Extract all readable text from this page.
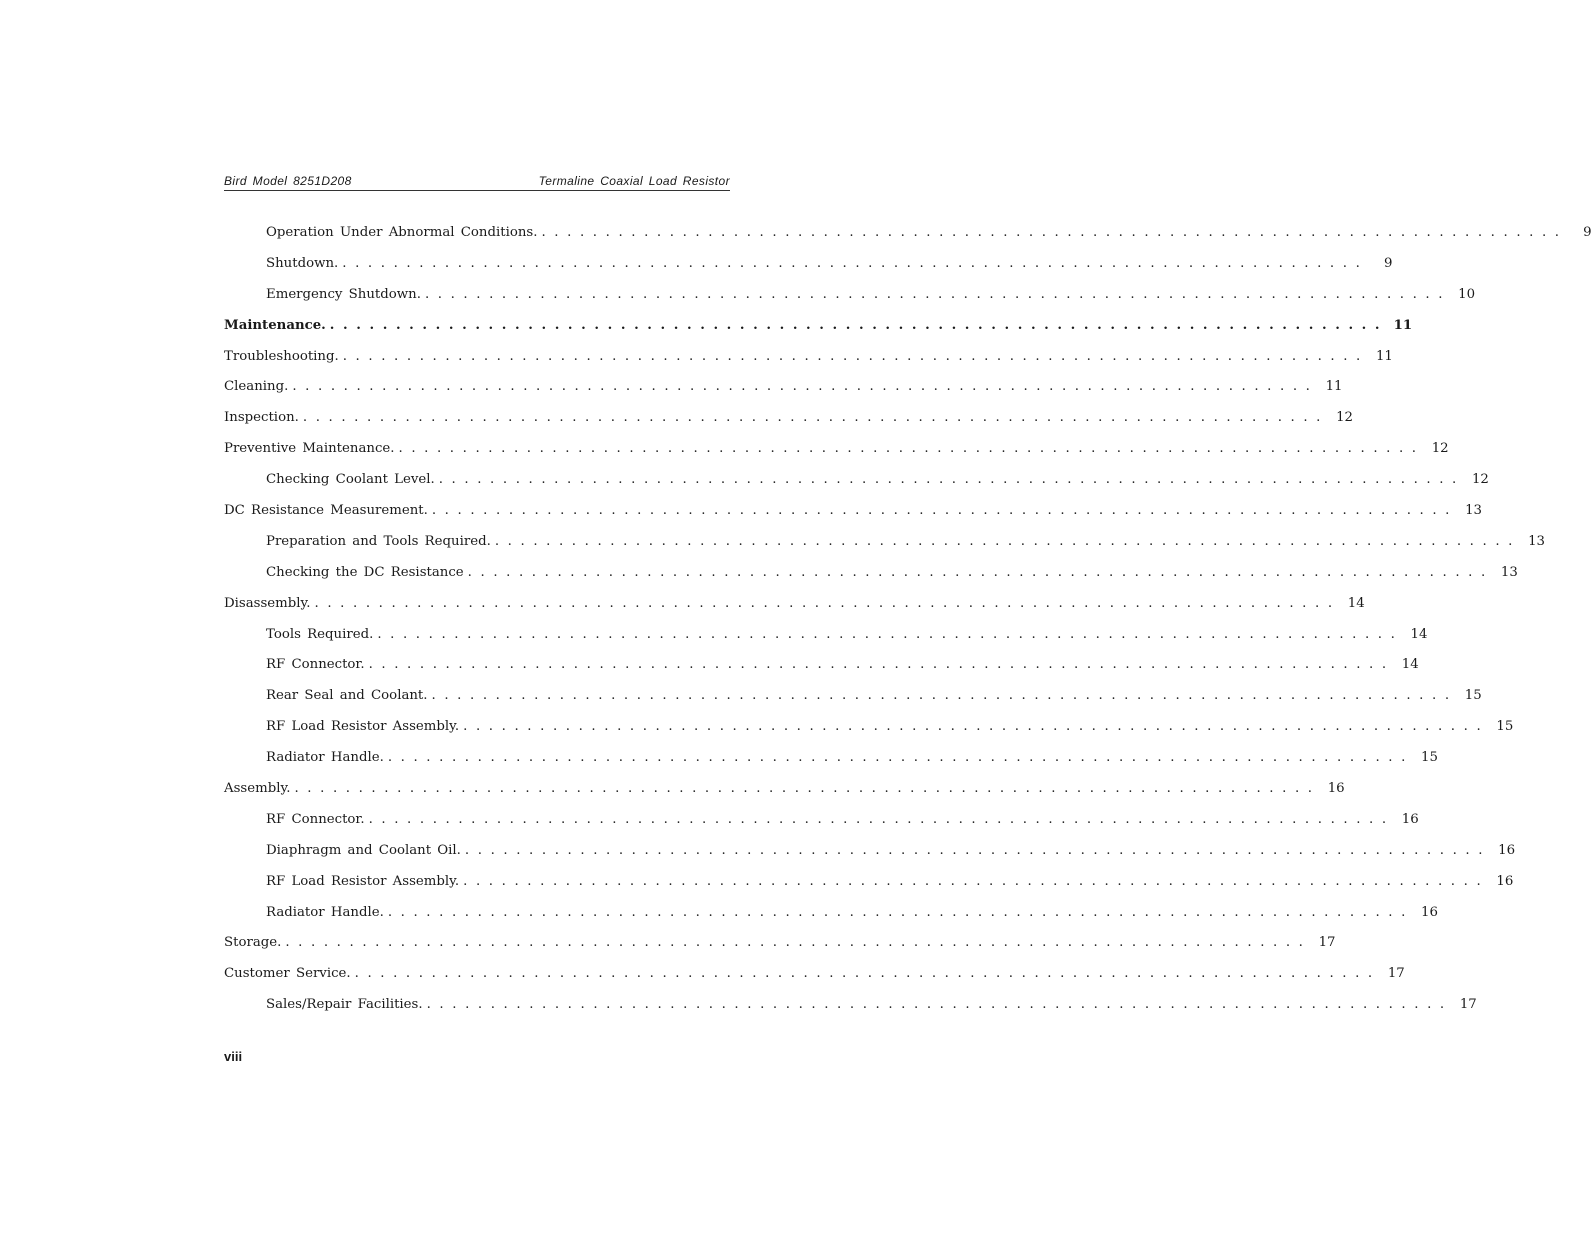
Bird Model 8251D208	Termaline Coaxial Load Resistor
Operation Under Abnormal Conditions. ................................................................................	9
Shutdown. ................................................................................	9
Emergency Shutdown. ................................................................................ 10
Maintenance. ................................................................................ 11
Troubleshooting. ................................................................................ 11
Cleaning. ................................................................................ 11
Inspection. ................................................................................ 12
Preventive Maintenance. ................................................................................ 12
Checking Coolant Level. ................................................................................ 12
DC Resistance Measurement. ................................................................................ 13
Preparation and Tools Required. ................................................................................ 13
Checking the DC Resistance ................................................................................ 13
Disassembly. ................................................................................ 14
Tools Required. ................................................................................ 14
RF Connector. ................................................................................ 14
Rear Seal and Coolant. ................................................................................ 15
RF Load Resistor Assembly. ................................................................................ 15
Radiator Handle. ................................................................................ 15
Assembly. ................................................................................ 16
RF Connector. ................................................................................ 16
Diaphragm and Coolant Oil. ................................................................................ 16
RF Load Resistor Assembly. ................................................................................ 16
Radiator Handle. ................................................................................ 16
Storage. ................................................................................ 17
Customer Service. ................................................................................ 17
Sales/Repair Facilities. ................................................................................ 17
viii
